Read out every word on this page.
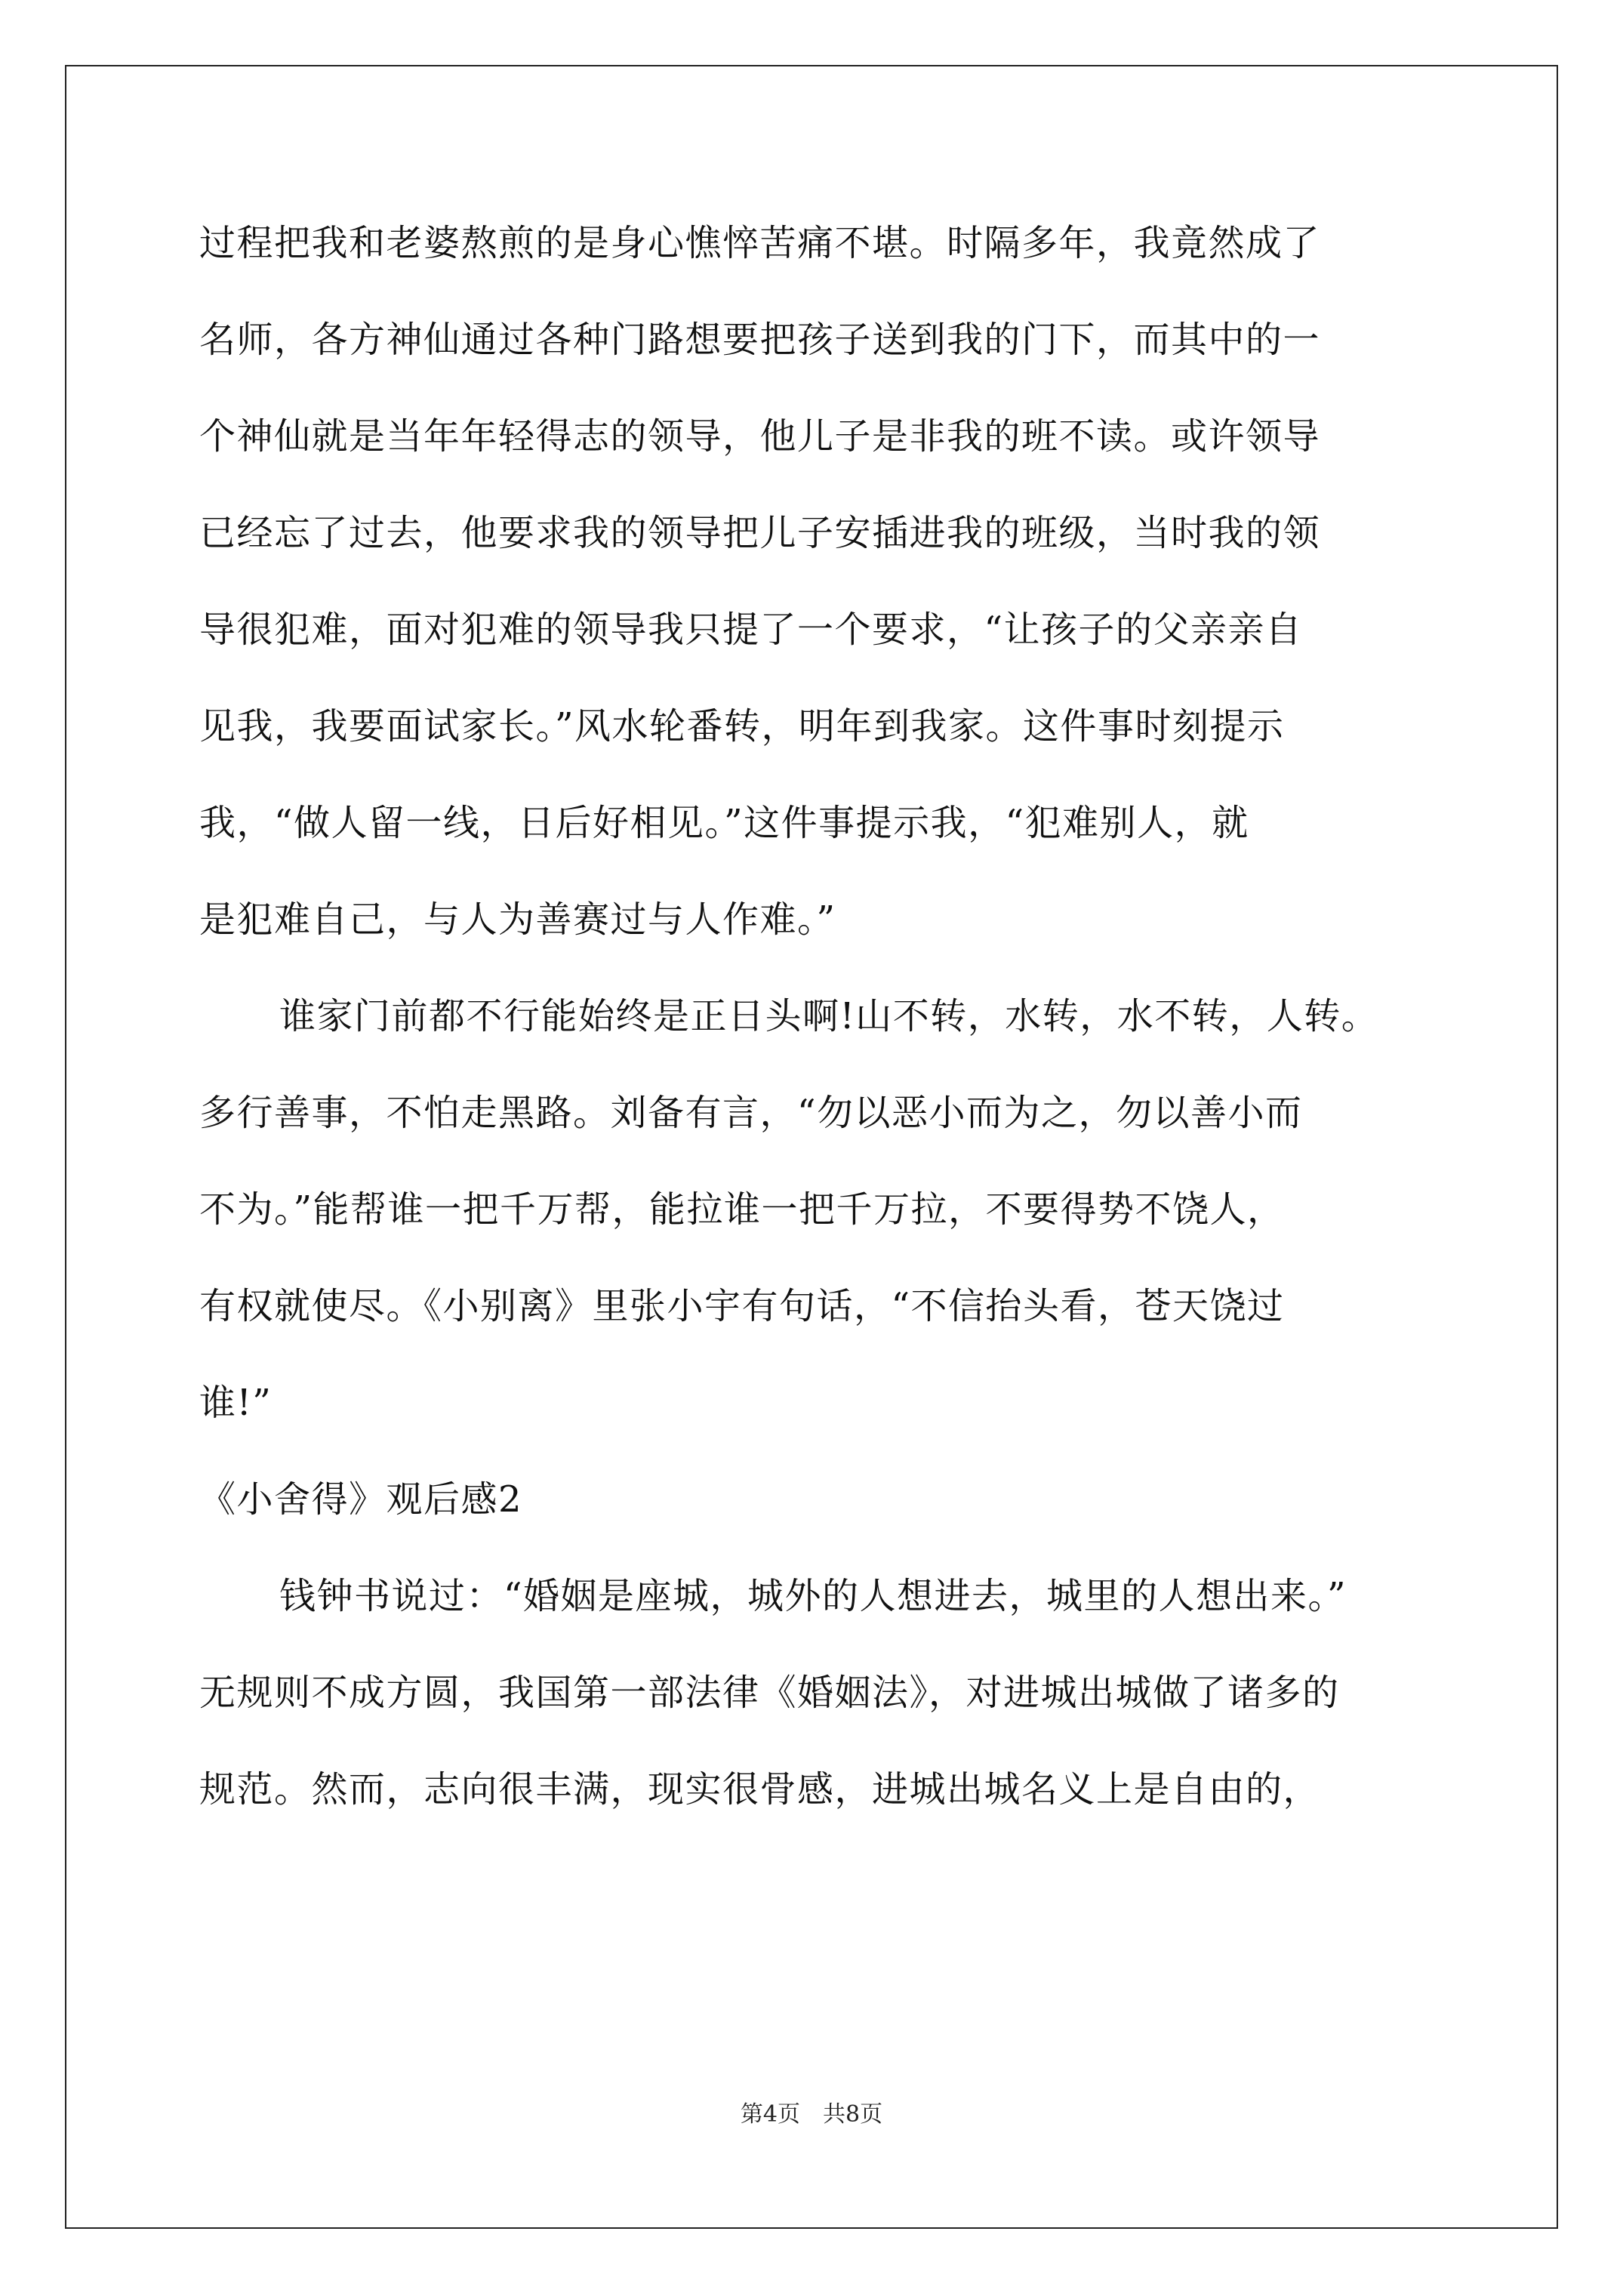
过程把我和老婆熬煎的是身心憔悴苦痛不堪。时隔多年，我竟然成了
名师，各方神仙通过各种门路想要把孩子送到我的门下，而其中的一
个神仙就是当年年轻得志的领导，他儿子是非我的班不读。或许领导
已经忘了过去，他要求我的领导把儿子安插进我的班级，当时我的领
导很犯难，面对犯难的领导我只提了一个要求，“让孩子的父亲亲自
见我，我要面试家长。”风水轮番转，明年到我家。这件事时刻提示
我，“做人留一线，日后好相见。”这件事提示我，“犯难别人，就
是犯难自己，与人为善赛过与人作难。”
谁家门前都不行能始终是正日头啊!山不转，水转，水不转，人转。
多行善事，不怕走黑路。刘备有言，“勿以恶小而为之，勿以善小而
不为。”能帮谁一把千万帮，能拉谁一把千万拉，不要得势不饶人，
有权就使尽。《小别离》里张小宇有句话，“不信抬头看，苍天饶过
谁!”
《小舍得》观后感2
钱钟书说过：“婚姻是座城，城外的人想进去，城里的人想出来。”
无规则不成方圆，我国第一部法律《婚姻法》，对进城出城做了诸多的
规范。然而，志向很丰满，现实很骨感，进城出城名义上是自由的，
第4页 共8页
